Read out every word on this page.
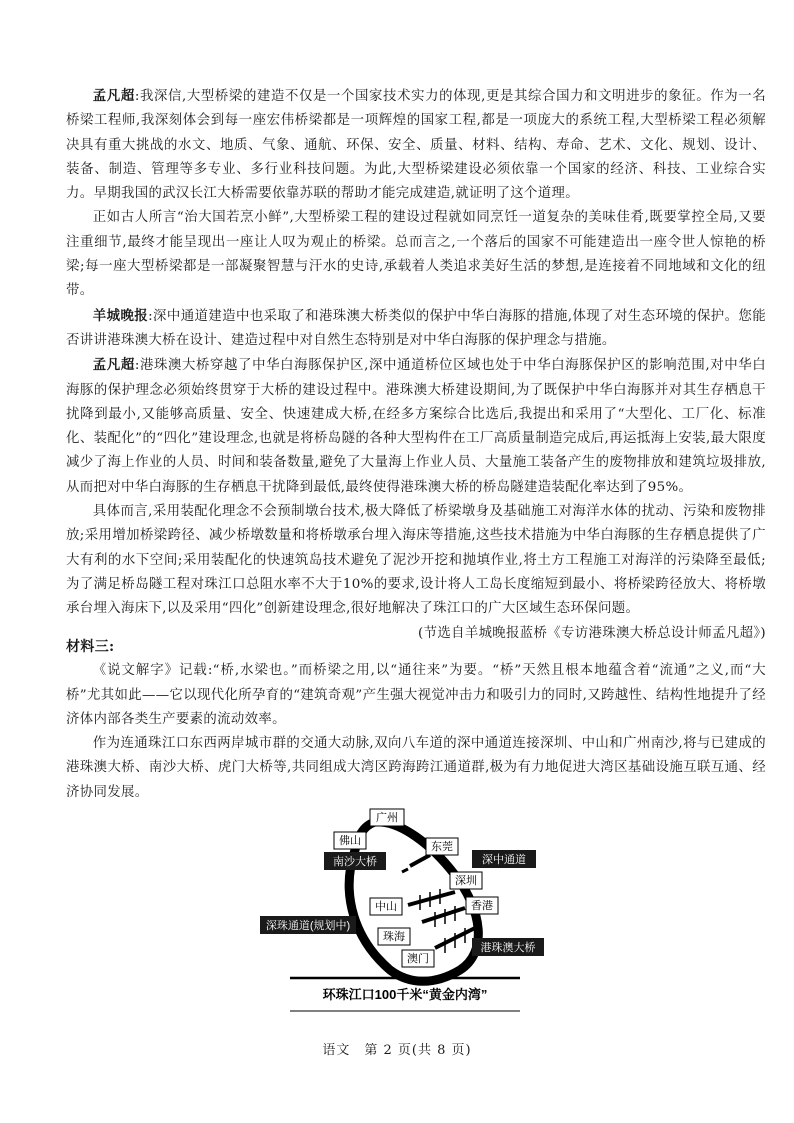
孟凡超:我深信,大型桥梁的建造不仅是一个国家技术实力的体现,更是其综合国力和文明进步的象征。作为一名桥梁工程师,我深刻体会到每一座宏伟桥梁都是一项辉煌的国家工程,都是一项庞大的系统工程,大型桥梁工程必须解决具有重大挑战的水文、地质、气象、通航、环保、安全、质量、材料、结构、寿命、艺术、文化、规划、设计、装备、制造、管理等多专业、多行业科技问题。为此,大型桥梁建设必须依靠一个国家的经济、科技、工业综合实力。早期我国的武汉长江大桥需要依靠苏联的帮助才能完成建造,就证明了这个道理。

正如古人所言“治大国若烹小鲜”,大型桥梁工程的建设过程就如同烹饪一道复杂的美味佳肴,既要掌控全局,又要注重细节,最终才能呈现出一座让人叹为观止的桥梁。总而言之,一个落后的国家不可能建造出一座令世人惊艳的桥梁;每一座大型桥梁都是一部凝聚智慧与汗水的史诗,承载着人类追求美好生活的梦想,是连接着不同地域和文化的纽带。

羊城晚报:深中通道建造中也采取了和港珠澳大桥类似的保护中华白海豚的措施,体现了对生态环境的保护。您能否讲讲港珠澳大桥在设计、建造过程中对自然生态特别是对中华白海豚的保护理念与措施。

孟凡超:港珠澳大桥穿越了中华白海豚保护区,深中通道桥位区域也处于中华白海豚保护区的影响范围,对中华白海豚的保护理念必须始终贯穿于大桥的建设过程中。港珠澳大桥建设期间,为了既保护中华白海豚并对其生存栖息干扰降到最小,又能够高质量、安全、快速建成大桥,在经多方案综合比选后,我提出和采用了“大型化、工厂化、标准化、装配化”的“四化”建设理念,也就是将桥岛隧的各种大型构件在工厂高质量制造完成后,再运抵海上安装,最大限度减少了海上作业的人员、时间和装备数量,避免了大量海上作业人员、大量施工装备产生的废物排放和建筑垃圾排放,从而把对中华白海豚的生存栖息干扰降到最低,最终使得港珠澳大桥的桥岛隧建造装配化率达到了95%。

具体而言,采用装配化理念不会预制墩台技术,极大降低了桥梁墩身及基础施工对海洋水体的扰动、污染和废物排放;采用增加桥梁跨径、减少桥墩数量和将桥墩承台埋入海床等措施,这些技术措施为中华白海豚的生存栖息提供了广大有利的水下空间;采用装配化的快速筑岛技术避免了泥沙开挖和抛填作业,将土方工程施工对海洋的污染降至最低;为了满足桥岛隧工程对珠江口总阻水率不大于10%的要求,设计将人工岛长度缩短到最小、将桥梁跨径放大、将桥墩承台埋入海床下,以及采用“四化”创新建设理念,很好地解决了珠江口的广大区域生态环保问题。

(节选自羊城晚报蓝桥《专访港珠澳大桥总设计师孟凡超》)

材料三:

《说文解字》记载:“桥,水梁也。”而桥梁之用,以“通往来”为要。“桥”天然且根本地蕴含着“流通”之义,而“大桥”尤其如此——它以现代化所孕育的“建筑奇观”产生强大视觉冲击力和吸引力的同时,又跨越性、结构性地提升了经济体内部各类生产要素的流动效率。

作为连通珠江口东西两岸城市群的交通大动脉,双向八车道的深中通道连接深圳、中山和广州南沙,将与已建成的港珠澳大桥、南沙大桥、虎门大桥等,共同组成大湾区跨海跨江通道群,极为有力地促进大湾区基础设施互联互通、经济协同发展。

广州
佛山	东莞
南沙大桥	深中通道
深圳
中山	香港
深珠通道(规划中)
珠海
澳门
港珠澳大桥
环珠江口100千米“黄金内湾”
语文　第 2 页(共 8 页)
